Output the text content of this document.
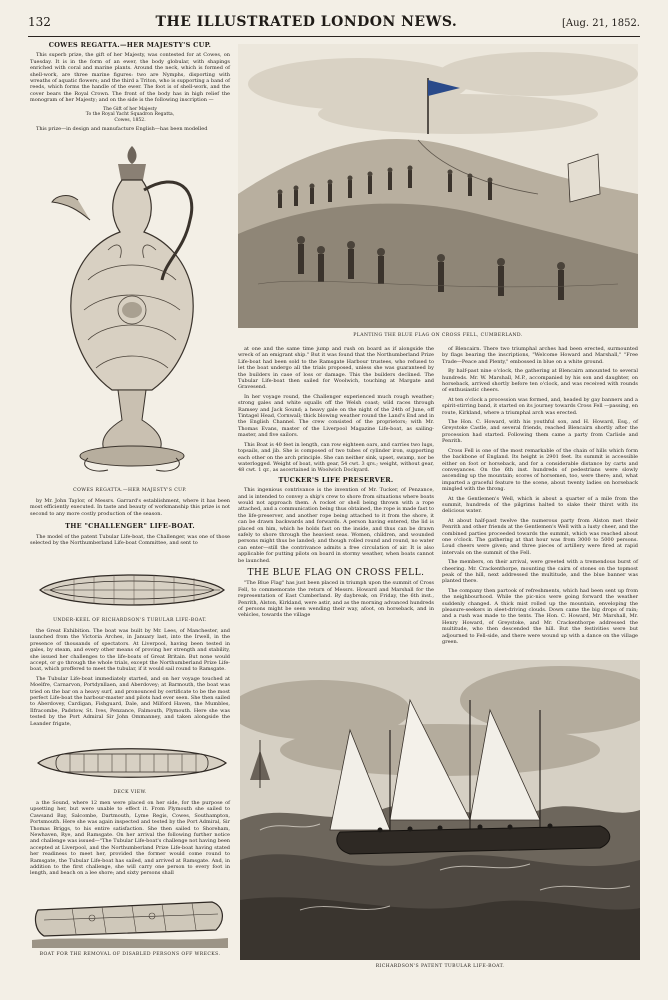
132	THE ILLUSTRATED LONDON NEWS.	[Aug. 21, 1852.
COWES REGATTA.—HER MAJESTY'S CUP.

This superb prize, the gift of her Majesty, was contested for at Cowes, on Tuesday. It is in the form of an ewer, the body globular, with shapings enriched with coral and marine plants. Around the neck, which is formed of shell-work, are three marine figures: two are Nymphs, disporting with wreaths of aquatic flowers; and the third a Triton, who is supporting a band of reeds, which forms the handle of the ewer. The foot is of shell-work, and the cover bears the Royal Crown. The front of the body has in high relief the monogram of her Majesty; and on the side is the following inscription —

The Gift of her Majesty
To the Royal Yacht Squadron Regatta,
Cowes, 1852.

This prize—in design and manufacture English—has been modelled

COWES REGATTA.—HER MAJESTY'S CUP.

by Mr. John Taylor, of Messrs. Garrard's establishment, where it has been most efficiently executed. In taste and beauty of workmanship this prize is not second to any more costly production of the season.

THE "CHALLENGER" LIFE-BOAT.

The model of the patent Tubular Life-boat, the Challenger, was one of those selected by the Northumberland Life-boat Committee, and sent to

UNDER-KEEL OF RICHARDSON'S TUBULAR LIFE-BOAT.

the Great Exhibition. The boat was built by Mr. Lees, of Manchester, and launched from the Victoria Arches, in January last, into the Irwell, in the presence of thousands of spectators. At Liverpool, having been tested in gales, by steam, and every other means of proving her strength and stability, she issued her challenges to the life-boats of Great Britain. But none would accept, or go through the whole trials, except the Northumberland Prize Life-boat, which proffered to meet the tubular, if it would sail round to Ramsgate.

The Tubular Life-boat immediately started, and on her voyage touched at Moelfre, Carnarvon, Portdynllaen, and Aberdovey; at Barmouth, the boat was tried on the bar on a heavy surf, and pronounced by certificate to be the most perfect Life-boat the harbour-master and pilots had ever seen. She then sailed to Aberdovey, Cardigan, Fishguard, Dale, and Milford Haven, the Mumbles, Ilfracombe, Padstow, St. Ives, Penzance, Falmouth, Plymouth. Here she was tested by the Port Admiral Sir John Ommanney, and taken alongside the Leander frigate,

DECK VIEW.

a the Sound, where 12 men were placed on her side, for the purpose of upsetting her, but were unable to effect it. From Plymouth she sailed to Cawsand Bay, Salcombe, Dartmouth, Lyme Regis, Cowes, Southampton, Portsmouth. Here she was again inspected and tested by the Port Admiral, Sir Thomas Briggs, to his entire satisfaction. She then sailed to Shoreham, Newhaven, Rye, and Ramsgate. On her arrival the following further notice and challenge was issued—"The Tubular Life-boat's challenge not having been accepted at Liverpool, and the Northumberland Prize Life-boat having stated her readiness to meet her, provided the former would come round to Ramsgate, the Tubular Life-boat has sailed, and arrived at Ramsgate. And, in addition to the first challenge, she will carry one person to every foot in length, and beach on a lee shore; and sixty persons shall

BOAT FOR THE REMOVAL OF DISABLED PERSONS OFF WRECKS.
PLANTING THE BLUE FLAG ON CROSS FELL, CUMBERLAND.

at one and the same time jump and rush on board as if alongside the wreck of an emigrant ship." But it was found that the Northumberland Prize Life-boat had been sold to the Ramsgate Harbour trustees, who refused to let the boat undergo all the trials proposed, unless she was guaranteed by the builders in case of loss or damage. This the builders declined. The Tubular Life-boat then sailed for Woolwich, touching at Margate and Gravesend.

In her voyage round, the Challenger experienced much rough weather; strong gales and white squalls off the Welsh coast; wild races through Ramsey and Jack Sound; a heavy gale on the night of the 24th of June, off Tintagel Head, Cornwall; thick blowing weather round the Land's End and in the English Channel. The crew consisted of the proprietors; with Mr. Thomas Evans, master of the Liverpool Magazine Life-boat, as sailing-master, and five sailors.

This Boat is 40 feet in length, can row eighteen oars, and carries two lugs, topsails, and jib. She is composed of two tubes of cylinder iron, supporting each other on the arch principle. She can neither sink, upset, swamp, nor be waterlogged. Weight of boat, with gear, 54 cwt. 3 qrs.; weight, without gear, 48 cwt. 1 qr., as ascertained in Woolwich Dockyard.

TUCKER'S LIFE PRESERVER.

This ingenious contrivance is the invention of Mr. Tucker, of Penzance, and is intended to convey a ship's crew to shore from situations where boats would not approach them. A rocket or shell being thrown with a rope attached, and a communication being thus obtained, the rope is made fast to the life-preserver, and another rope being attached to it from the shore, it can be drawn backwards and forwards. A person having entered, the lid is placed on him, which he holds fast on the inside, and thus can be drawn safely to shore through the heaviest seas. Women, children, and wounded persons might thus be landed; and though rolled round and round, no water can enter—still the contrivance admits a free circulation of air. It is also applicable for putting pilots on board in stormy weather, when boats cannot be launched.

THE BLUE FLAG ON CROSS FELL.

"The Blue Flag" has just been placed in triumph upon the summit of Cross Fell, to commemorate the return of Messrs. Howard and Marshall for the representation of East Cumberland. By daybreak, on Friday, the 6th inst., Penrith, Alston, Kirkland, were astir, and as the morning advanced hundreds of persons might be seen wending their way, afoot, on horseback, and in vehicles, towards the village

of Blencairn. There two triumphal arches had been erected, surmounted by flags bearing the inscriptions, "Welcome Howard and Marshall," "Free Trade—Peace and Plenty," embossed in blue on a white ground.

By half-past nine o'clock, the gathering at Blencairn amounted to several hundreds. Mr. W. Marshall, M.P., accompanied by his son and daughter, on horseback, arrived shortly before ten o'clock, and was received with rounds of enthusiastic cheers.

At ten o'clock a procession was formed, and, headed by gay banners and a spirit-stirring band, it started on its journey towards Cross Fell —passing, en route, Kirkland, where a triumphal arch was erected.

The Hon. C. Howard, with his youthful son, and H. Howard, Esq., of Greystoke Castle, and several friends, reached Blencairn shortly after the procession had started. Following them came a party from Carlisle and Penrith.

Cross Fell is one of the most remarkable of the chain of hills which form the backbone of England. Its height is 2901 feet. Its summit is accessible either on foot or horseback, and for a considerable distance by carts and conveyances. On the 6th inst. hundreds of pedestrians were slowly ascending up the mountain; scores of horsemen, too, were there; and, what imparted a graceful feature to the scene, about twenty ladies on horseback mingled with the throng.

At the Gentlemen's Well, which is about a quarter of a mile from the summit, hundreds of the pilgrims halted to slake their thirst with its delicious water.

At about half-past twelve the numerous party from Alston met their Penrith and other friends at the Gentlemen's Well with a lusty cheer, and the combined parties proceeded towards the summit, which was reached about one o'clock. The gathering at that hour was from 3000 to 5000 persons. Loud cheers were given; and three pieces of artillery were fired at rapid intervals on the summit of the Fell.

The members, on their arrival, were greeted with a tremendous burst of cheering. Mr. Crackenthorpe, mounting the cairn of stones on the topmost peak of the hill, next addressed the multitude, and the blue banner was planted there.

The company then partook of refreshments, which had been sent up from the neighbourhood. While the pic-nics were going forward the weather suddenly changed. A thick mist rolled up the mountain, enveloping the pleasure-seekers in sleet-driving clouds. Down came the big drops of rain; and a rush was made to the tents. The Hon. C. Howard, Mr. Marshall, Mr. Henry Howard, of Greystoke, and Mr. Crackenthorpe addressed the multitude, who then descended the hill. But the festivities were but adjourned to Fell-side, and there were wound up with a dance on the village green.

RICHARDSON'S PATENT TUBULAR LIFE-BOAT.
